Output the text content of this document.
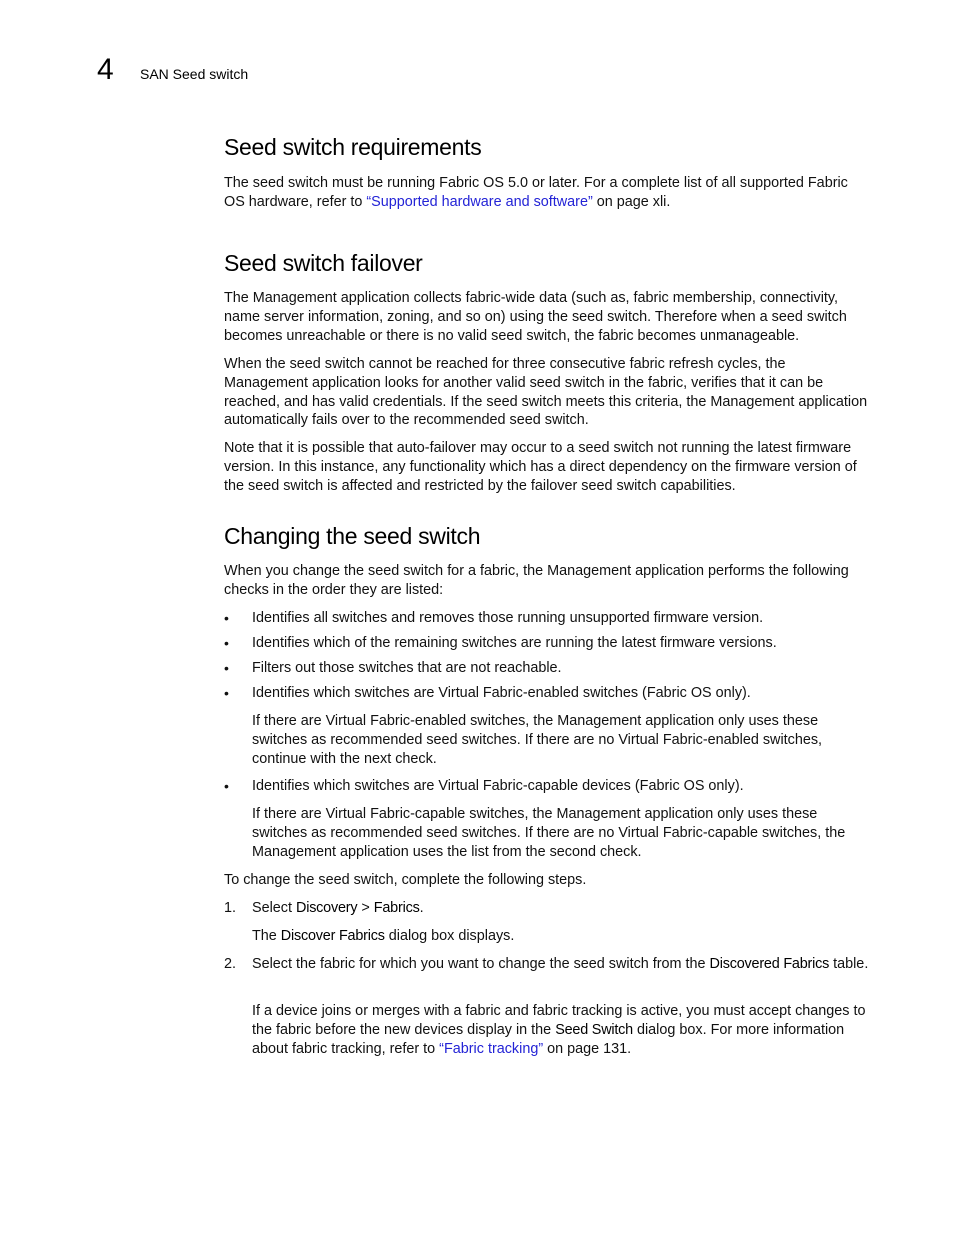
4 SAN Seed switch
Seed switch requirements

The seed switch must be running Fabric OS 5.0 or later. For a complete list of all supported Fabric OS hardware, refer to “Supported hardware and software” on page xli.

Seed switch failover

The Management application collects fabric-wide data (such as, fabric membership, connectivity, name server information, zoning, and so on) using the seed switch. Therefore when a seed switch becomes unreachable or there is no valid seed switch, the fabric becomes unmanageable.

When the seed switch cannot be reached for three consecutive fabric refresh cycles, the Management application looks for another valid seed switch in the fabric, verifies that it can be reached, and has valid credentials. If the seed switch meets this criteria, the Management application automatically fails over to the recommended seed switch.

Note that it is possible that auto-failover may occur to a seed switch not running the latest firmware version. In this instance, any functionality which has a direct dependency on the firmware version of the seed switch is affected and restricted by the failover seed switch capabilities.

Changing the seed switch

When you change the seed switch for a fabric, the Management application performs the following checks in the order they are listed:

• Identifies all switches and removes those running unsupported firmware version.

• Identifies which of the remaining switches are running the latest firmware versions.

• Filters out those switches that are not reachable.

• Identifies which switches are Virtual Fabric-enabled switches (Fabric OS only).

If there are Virtual Fabric-enabled switches, the Management application only uses these switches as recommended seed switches. If there are no Virtual Fabric-enabled switches, continue with the next check.

• Identifies which switches are Virtual Fabric-capable devices (Fabric OS only).

If there are Virtual Fabric-capable switches, the Management application only uses these switches as recommended seed switches. If there are no Virtual Fabric-capable switches, the Management application uses the list from the second check.

To change the seed switch, complete the following steps.

1. Select Discovery > Fabrics.

The Discover Fabrics dialog box displays.

2. Select the fabric for which you want to change the seed switch from the Discovered Fabrics table.

If a device joins or merges with a fabric and fabric tracking is active, you must accept changes to the fabric before the new devices display in the Seed Switch dialog box. For more information about fabric tracking, refer to “Fabric tracking” on page 131.
